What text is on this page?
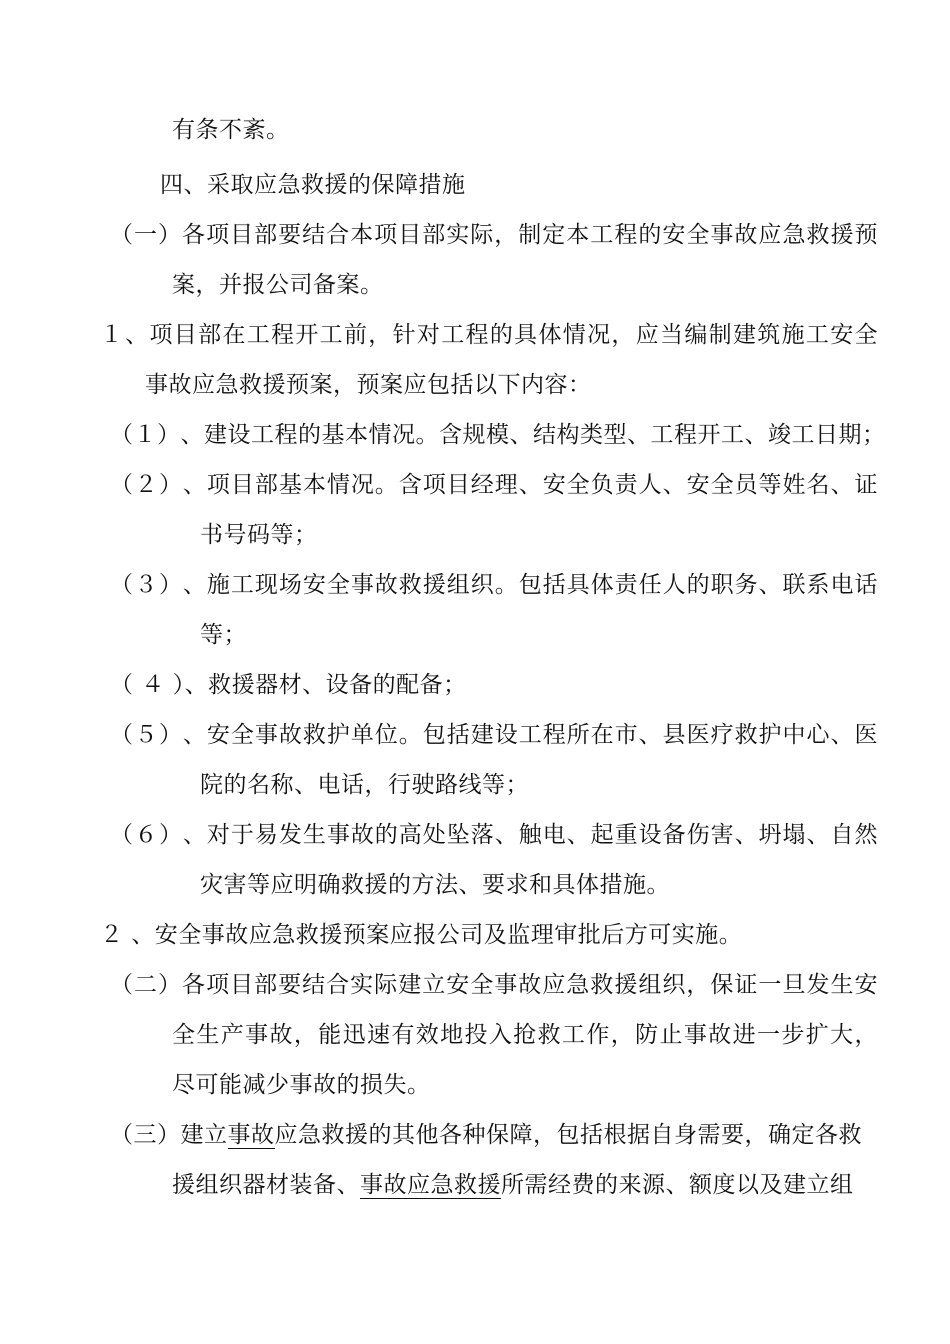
有条不紊。
四、采取应急救援的保障措施
（ 一 ） 各 项 目 部 要 结 合 本 项 目 部 实 际 ， 制 定 本 工 程 的 安 全 事 故 应 急 救 援 预
案，并报公司备案。
１ 、 项 目 部 在 工 程 开 工 前 ， 针 对 工 程 的 具 体 情 况 ， 应 当 编 制 建 筑 施 工 安 全
事故应急救援预案，预案应包括以下内容：
（ １ ） 、 建 设 工 程 的 基 本 情 况 。 含 规 模 、 结 构 类 型 、 工 程 开 工 、 竣 工 日 期 ；
（ ２ ） 、 项 目 部 基 本 情 况 。 含 项 目 经 理 、 安 全 负 责 人 、 安 全 员 等 姓 名 、 证
书号码等；
（ ３ ） 、 施 工 现 场 安 全 事 故 救 援 组 织 。 包 括 具 体 责 任 人 的 职 务 、 联 系 电 话
等；
（ ４ ）、救援器材、设备的配备；
（ ５ ） 、 安 全 事 故 救 护 单 位 。 包 括 建 设 工 程 所 在 市 、 县 医 疗 救 护 中 心 、 医
院的名称、电话，行驶路线等；
（ ６ ） 、 对 于 易 发 生 事 故 的 高 处 坠 落 、 触 电 、 起 重 设 备 伤 害 、 坍 塌 、 自 然
灾害等应明确救援的方法、要求和具体措施。
２ 、安全事故应急救援预案应报公司及监理审批后方可实施。
（ 二 ） 各 项 目 部 要 结 合 实 际 建 立 安 全 事 故 应 急 救 援 组 织 ， 保 证 一 旦 发 生 安
全 生 产 事 故 ， 能 迅 速 有 效 地 投 入 抢 救 工 作 ， 防 止 事 故 进 一 步 扩 大 ，
尽可能减少事故的损失。
（三）建立事故应急救援的其他各种保障，包括根据自身需要，确定各救
援组织器材装备、事故应急救援所需经费的来源、额度以及建立组
